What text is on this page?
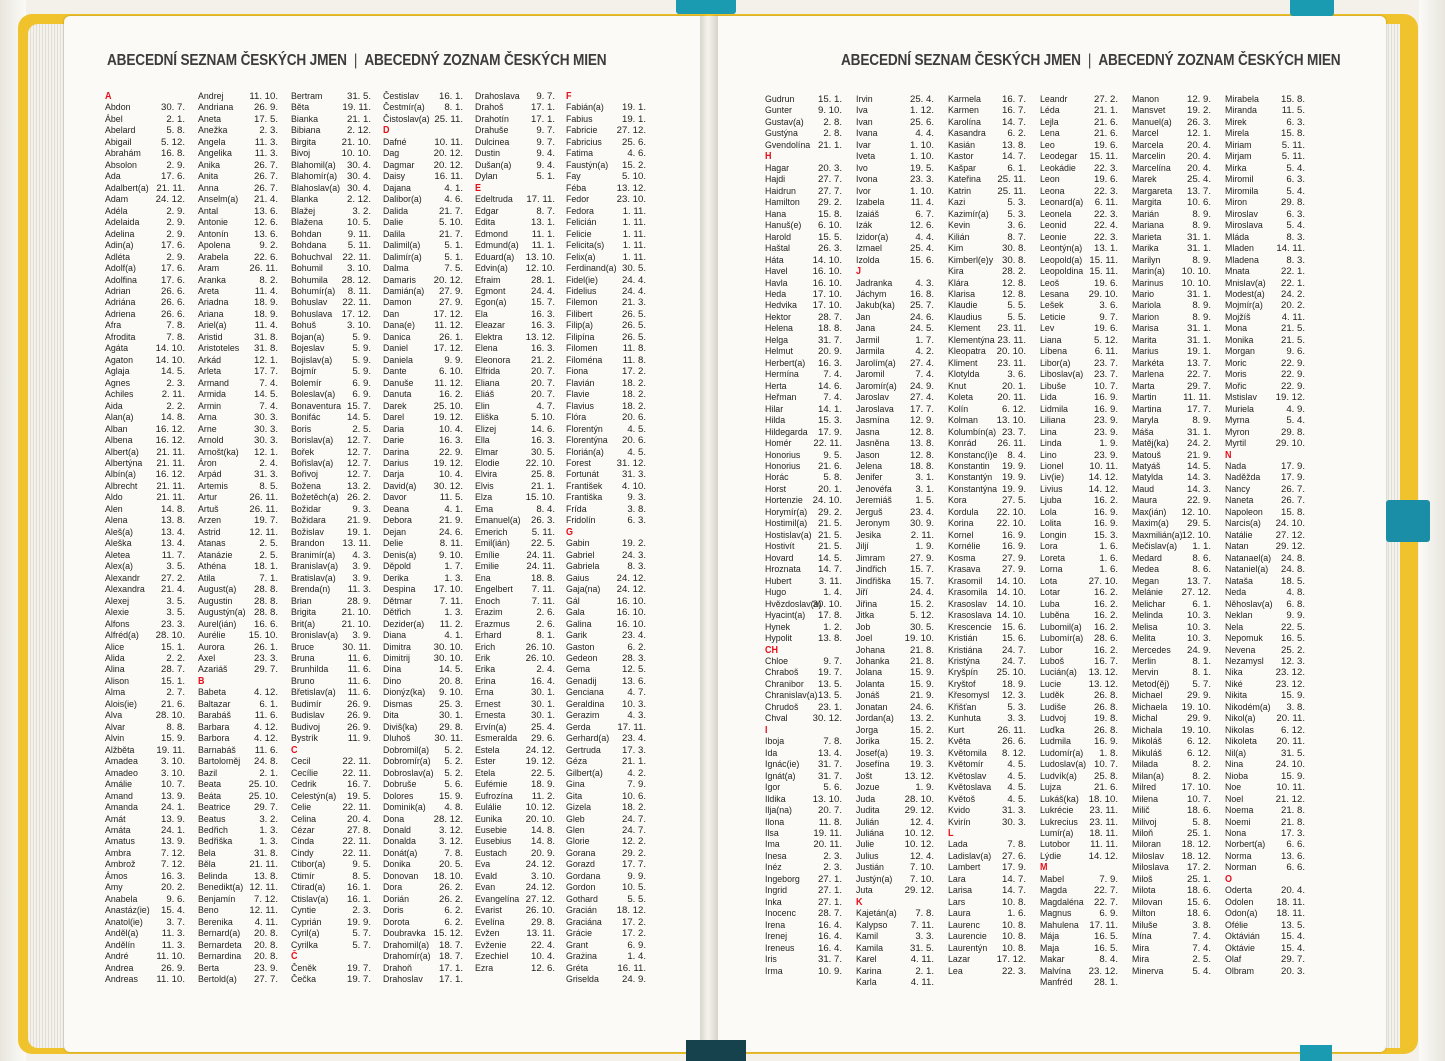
ABECEDNÍ SEZNAM ČESKÝCH JMEN | ABECEDNÝ ZOZNAM ČESKÝCH MIEN	ABECEDNÍ SEZNAM ČESKÝCH JMEN | ABECEDNÝ ZOZNAM ČESKÝCH MIEN
A
Abdon	30. 7.
Ábel	2. 1.
Abelard	5. 8.
Abigail	5. 12.
Abrahám 16. 8.
Absolon	2. 9.
Ada	17. 6.
Adalbert(a) 21. 11.
Adam	24. 12.
Adéla	2. 9.
Adelaida	2. 9.
Adelina	2. 9.
Adin(a)	17. 6.
Adléta	2. 9.
Adolf(a)	17. 6.
Adolfina	17. 6.
Adrian	26. 6.
Adriána	26. 6.
Adriena	26. 6.
Afra	7. 8.
Afrodita	7. 8.
Agáta	14. 10.
Agaton 14. 10.
Aglaja	14. 5.
Agnes	2. 3.
Achiles	2. 11.
Aida	2. 2.
Alan(a)	14. 8.
Alban	16. 12.
Albena 16. 12.
Albert(a) 21. 11.
Albertýna 21. 11.
Albín(a) 16. 12.
Albrecht 21. 11.
Aldo	21. 11.
Alen	14. 8.
Alena	13. 8.
Aleš(a)	13. 4.
Aleška	13. 4.
Aletea	11. 7.
Alex(a)	3. 5.
Alexandr 27. 2.
Alexandra 21. 4.
Alexej	3. 5.
Alexie	3. 5.
Alfons	23. 3.
Alfréd(a) 28. 10.
Alice	15. 1.
Alida	2. 2.
Alina	28. 7.
Alison	15. 1.
Alma	2. 7.
Alois(ie)	21. 6.
Alva	28. 10.
Alvar	8. 8.
Alvin	15. 9.
Alžběta 19. 11.
Amadea 3. 10.
Amadeo 3. 10.
Amálie	10. 7.
Amand	13. 9.
Amanda 24. 1.
Amát	13. 9.
Amáta	24. 1.
Amatus	13. 9.
Ambra	7. 12.
Ambrož	7. 12.
Ámos	16. 3.
Amy	20. 2.
Anabela	9. 6.
Anastáz(ie) 15. 4.
Anatol(ie) 3. 7.
Anděl(a) 11. 3.
Andělín	11. 3.
André	11. 10.
Andrea	26. 9.
Andreas 11. 10.
Andrej	11. 10.
Andriana 26. 9.
Aneta	17. 5.
Anežka	2. 3.
Angela	11. 3.
Angelika 11. 3.
Anika	26. 7.
Anita	26. 7.
Anna	26. 7.
Anselm(a) 21. 4.
Antal	13. 6.
Antonie	12. 6.
Antonín	13. 6.
Apolena	9. 2.
Arabela	22. 6.
Aram	26. 11.
Aranka	8. 2.
Areta	11. 4.
Ariadna	18. 9.
Ariana	18. 9.
Ariel(a)	11. 4.
Aristid	31. 8.
Aristoteles 31. 8.
Arkád	12. 1.
Arleta	17. 7.
Armand	7. 4.
Armida	14. 5.
Armin	7. 4.
Arna	30. 3.
Arne	30. 3.
Arnold	30. 3.
Arnošt(ka) 12. 1.
Áron	2. 4.
Arpád	31. 3.
Artemis	8. 5.
Artur	26. 11.
Artuš	26. 11.
Arzen	19. 7.
Astrid	12. 11.
Atanas	2. 5.
Atanázie	2. 5.
Athéna	18. 1.
Atila	7. 1.
August(a) 28. 8.
Augustin 28. 8.
Augustýn(a) 28. 8.
Aurel(ián) 16. 6.
Aurélie 15. 10.
Aurora	26. 1.
Axel	23. 3.
Azariáš	29. 7.
B
Babeta	4. 12.
Baltazar	6. 1.
Barabáš 11. 6.
Barbara	4. 12.
Barbora	4. 12.
Barnabáš 11. 6.
Bartoloměj 24. 8.
Bazil	2. 1.
Beata	25. 10.
Beáta	25. 10.
Beatrice 29. 7.
Beatus	3. 2.
Bedřich	1. 3.
Bedřiška	1. 3.
Bela	31. 8.
Běla	21. 11.
Belinda	13. 8.
Benedikt(a) 12. 11.
Benjamín 7. 12.
Beno	12. 11.
Berenika 4. 11.
Bernard(a) 20. 8.
Bernardeta 20. 8.
Bernardina 20. 8.
Berta	23. 9.
Bertold(a) 27. 7.
Bertram	31. 5.
Běta	19. 11.
Bianka	21. 1.
Bibiana	2. 12.
Birgita	21. 10.
Bivoj	10. 10.
Blahomil(a) 30. 4.
Blahomír(a) 30. 4.
Blahoslav(a) 30. 4.
Blanka	2. 12.
Blažej	3. 2.
Blažena	10. 5.
Bohdan	9. 11.
Bohdana 5. 11.
Bohuchval 22. 11.
Bohumil	3. 10.
Bohumila 28. 12.
Bohumír(a) 8. 11.
Bohuslav 22. 11.
Bohuslava 17. 12.
Bohuš	3. 10.
Bojan(a)	5. 9.
Bojeslav	5. 9.
Bojislav(a) 5. 9.
Bojmír	5. 9.
Bolemír	6. 9.
Boleslav(a) 6. 9.
Bonaventura 15. 7.
Bonifác	14. 5.
Boris	2. 5.
Borislav(a) 12. 7.
Bořek	12. 7.
Bořislav(a) 12. 7.
Bořivoj	12. 7.
Božena	13. 2.
Božetěch(a) 26. 2.
Božidar	9. 3.
Božidara 21. 9.
Božislav 19. 1.
Brandon 13. 11.
Branimír(a) 4. 3.
Branislav(a) 3. 9.
Bratislav(a) 3. 9.
Brenda(n) 11. 3.
Brian	28. 9.
Brigita	21. 10.
Brit(a)	21. 10.
Bronislav(a) 3. 9.
Bruce	30. 11.
Bruna	11. 6.
Brunhilda 11. 6.
Bruno	11. 6.
Břetislav(a) 11. 6.
Budimír	26. 9.
Budislav 26. 9.
Budivoj	26. 9.
Bystrík	11. 9.
C
Cecil	22. 11.
Cecílie	22. 11.
Cedrik	16. 7.
Celestýn(a) 19. 5.
Celie	22. 11.
Celina	20. 4.
Cézar	27. 8.
Cinda	22. 11.
Cindy	22. 11.
Ctibor(a)	9. 5.
Ctimír	8. 5.
Ctirad(a) 16. 1.
Ctislav(a) 16. 1.
Cyntie	2. 3.
Cyprián	19. 9.
Cyril(a)	5. 7.
Cyrilka	5. 7.
Č
Čeněk	19. 7.
Čečka	19. 7.
Čestislav 16. 1.
Čestmír(a) 8. 1.
Čistoslav(a) 25. 11.
D
Dafné	10. 11.
Dag	20. 12.
Dagmar 20. 12.
Daisy	16. 11.
Dajana	4. 1.
Dalibor(a) 4. 6.
Dalida	21. 7.
Dalie	5. 10.
Dalila	21. 7.
Dalimil(a)	5. 1.
Dalimír(a) 5. 1.
Dalma	7. 5.
Damaris 20. 12.
Damián(a) 27. 9.
Damon	27. 9.
Dan	17. 12.
Dana(e) 11. 12.
Danica	26. 1.
Daniel	17. 12.
Daniela	9. 9.
Dante	6. 10.
Danuše 11. 12.
Danuta	16. 2.
Darek	25. 10.
Darel	19. 12.
Daria	10. 4.
Darie	16. 3.
Darina	22. 9.
Darius	19. 12.
Darja	10. 4.
David(a) 30. 12.
Davor	11. 5.
Deana	4. 1.
Debora	21. 9.
Dejan	24. 6.
Delie	8. 11.
Denis(a) 9. 10.
Děpold	1. 7.
Derika	1. 3.
Despina 17. 10.
Dětmar	7. 11.
Dětřich	1. 3.
Dezider(a) 11. 2.
Diana	4. 1.
Dimitra 30. 10.
Dimitrij 30. 10.
Dina	14. 5.
Dino	20. 8.
Dionýz(ka) 9. 10.
Dismas	25. 3.
Dita	30. 1.
Diviš(ka) 29. 8.
Dluhoš 30. 11.
Dobromil(a) 5. 2.
Dobromír(a) 5. 2.
Dobroslav(a) 5. 2.
Dobruše	5. 6.
Dolores	15. 9.
Dominik(a) 4. 8.
Dona	28. 12.
Donald	3. 12.
Donalda 3. 12.
Donát(a)	7. 8.
Donika	20. 5.
Donovan 18. 10.
Dora	26. 2.
Dorián	26. 2.
Doris	6. 2.
Dorota	6. 2.
Doubravka 15. 12.
Drahomil(a) 18. 7.
Drahomír(a) 18. 7.
Drahoň	17. 1.
Drahoslav 17. 1.
Drahoslava 9. 7.
Drahoš	17. 1.
Drahotín 17. 1.
Drahuše	9. 7.
Dulcinea	9. 7.
Dustin	9. 4.
Dušan(a)	9. 4.
Dylan	5. 1.
E
Edeltruda 17. 11.
Edgar	8. 7.
Edita	13. 1.
Edmond 11. 1.
Edmund(a) 11. 1.
Eduard(a) 13. 10.
Edvin(a) 12. 10.
Efraim	28. 1.
Egmont	24. 4.
Egon(a)	15. 7.
Ela	16. 3.
Eleazar	16. 3.
Elektra 13. 12.
Elena	16. 3.
Eleonora 21. 2.
Elfrida	20. 7.
Eliana	20. 7.
Eliáš	20. 7.
Elin	4. 7.
Eliška	5. 10.
Elizej	14. 6.
Ella	16. 3.
Elmar	30. 5.
Elodie	22. 10.
Elvira	25. 8.
Elvis	21. 1.
Elza	15. 10.
Ema	8. 4.
Emanuel(a) 26. 3.
Emerich	5. 11.
Emil(ián) 22. 5.
Emílie	24. 11.
Emilie	24. 11.
Ena	18. 8.
Engelbert 7. 11.
Enoch	7. 11.
Erazim	2. 6.
Erazmus	2. 6.
Erhard	8. 1.
Erich	26. 10.
Erik	26. 10.
Erika	2. 4.
Erina	16. 4.
Erna	30. 1.
Ernest	30. 1.
Ernesta	30. 1.
Ervín(a)	25. 4.
Esmeralda 29. 6.
Estela	24. 12.
Ester	19. 12.
Etela	22. 5.
Eufémie 18. 9.
Eufrozína 11. 2.
Eulálie	10. 12.
Eunika 20. 10.
Eusebie	14. 8.
Eusebius 14. 8.
Eustach	20. 9.
Eva	24. 12.
Evald	3. 10.
Evan	24. 12.
Evangelína 27. 12.
Evarist 26. 10.
Evelína	29. 8.
Evžen	13. 11.
Evženie	22. 4.
Ezechiel 10. 4.
Ezra	12. 6.
F
Fabián(a) 19. 1.
Fabius	19. 1.
Fabricie 27. 12.
Fabricius 25. 6.
Fatima	4. 6.
Faustýn(a) 15. 2.
Fay	5. 10.
Féba	13. 12.
Fedor	23. 10.
Fedora	1. 11.
Felicián	1. 11.
Felicie	1. 11.
Felicita(s) 1. 11.
Felix(a)	1. 11.
Ferdinand(a) 30. 5.
Fidel(ie)	24. 4.
Fidelius	24. 4.
Filemon	21. 3.
Filibert	26. 5.
Filip(a)	26. 5.
Filipína	26. 5.
Filomen	11. 8.
Filoména 11. 8.
Fiona	17. 2.
Flavián	18. 2.
Flavie	18. 2.
Flavius	18. 2.
Flóra	20. 6.
Florentýn	4. 5.
Florentýna 20. 6.
Florián(a) 4. 5.
Forest	31. 12.
Fortunát 31. 3.
František 4. 10.
Františka	9. 3.
Frída	3. 8.
Fridolín	6. 3.
G
Gabin	19. 2.
Gabriel	24. 3.
Gabriela	8. 3.
Gaius	24. 12.
Gaja(na) 24. 12.
Gál	16. 10.
Gala	16. 10.
Galina	16. 10.
Garik	23. 4.
Gaston	6. 2.
Gedeon	28. 3.
Gema	12. 5.
Genadij	13. 6.
Genciana 4. 7.
Geraldina 10. 3.
Gerazim	4. 3.
Gerda	17. 11.
Gerhard(a) 23. 4.
Gertruda 17. 3.
Géza	21. 1.
Gilbert(a)	4. 2.
Gina	7. 9.
Gita	10. 6.
Gizela	18. 2.
Gleb	24. 7.
Glen	24. 7.
Glorie	12. 2.
Gorana	29. 2.
Gorazd	17. 7.
Gordana	9. 9.
Gordon	10. 5.
Gothard	5. 5.
Gracián 18. 12.
Graciána 17. 2.
Grácie	17. 2.
Grant	6. 9.
Grażina	1. 4.
Gréta	16. 11.
Griselda 24. 9.
Gudrun 15. 1.
Gunter	9. 10.
Gustav(a) 2. 8.
Gustýna	2. 8.
Gvendolína 21. 1.
H
Hagar	20. 3.
Hajdi	27. 7.
Haidrun 27. 7.
Hamilton 29. 2.
Hana	15. 8.
Hanuš(e) 6. 10.
Harold	15. 5.
Haštal	26. 3.
Háta	14. 10.
Havel	16. 10.
Havla	16. 10.
Heda	17. 10.
Hedvika 17. 10.
Hektor	28. 7.
Helena	18. 8.
Helga	31. 7.
Helmut	20. 9.
Herbert(a) 16. 3.
Hermína	7. 4.
Herta	14. 6.
Heřman	7. 4.
Hilar	14. 1.
Hilda	15. 3.
Hildegarda 17. 9.
Homér 22. 11.
Honorius 9. 5.
Honorius 21. 6.
Horác	5. 8.
Horst	20. 1.
Hortenzie 24. 10.
Horymír(a) 29. 2.
Hostimil(a) 21. 5.
Hostislav(a) 21. 5.
Hostivít 21. 5.
Hovard	14. 5.
Hroznata 14. 7.
Hubert	3. 11.
Hugo	1. 4.
Hvězdoslav(a)
30. 10.
Hyacint(a) 17. 8.
Hynek	1. 2.
Hypolit	13. 8.
CH
Chloe	9. 7.
Chraboš 19. 7.
Chranibor 13. 5.
Chranislav(a) 13. 5.
Chrudoš 23. 1.
Chval	30. 12.
I
Iboja	7. 8.
Ida	13. 4.
Ignác(ie) 31. 7.
Ignát(a) 31. 7.
Igor	5. 6.
Ildika	13. 10.
Ilja(na)	20. 7.
Ilona	11. 8.
Ilsa	19. 11.
Ima	20. 11.
Inesa	2. 3.
Inéz	2. 3.
Ingeborg 27. 1.
Ingrid	27. 1.
Inka	27. 1.
Inocenc 28. 7.
Irena	16. 4.
Irenej	16. 4.
Ireneus 16. 4.
Iris	31. 7.
Irma	10. 9.
Irvin	25. 4.
Iva	1. 12.
Ivan	25. 6.
Ivana	4. 4.
Ivar	1. 10.
Iveta	1. 10.
Ivo	19. 5.
Ivona	23. 3.
Ivor	1. 10.
Izabela	11. 4.
Izaiáš	6. 7.
Izák	12. 6.
Izidor(a)	4. 4.
Izmael	25. 4.
Izolda	15. 6.
J
Jadranka 4. 3.
Jáchym 16. 8.
Jakub(ka) 25. 7.
Jan	24. 6.
Jana	24. 5.
Jarmil	1. 7.
Jarmila	4. 2.
Jarolím(a) 27. 4.
Jaromil	7. 4.
Jaromír(a) 24. 9.
Jaroslav 27. 4.
Jaroslava 17. 7.
Jasmína 12. 9.
Jasna	12. 8.
Jasněna 13. 8.
Jason	12. 8.
Jelena	18. 8.
Jenifer	3. 1.
Jenovéfa 3. 1.
Jeremiáš 1. 5.
Jerguš	23. 4.
Jeronym 30. 9.
Jesika	2. 11.
Jiljí	1. 9.
Jimram	27. 9.
Jindřich 15. 7.
Jindřiška 15. 7.
Jiří	24. 4.
Jiřina	15. 2.
Jitka	5. 12.
Job	30. 5.
Joel	19. 10.
Johana	21. 8.
Johanka 21. 8.
Jolana	15. 9.
Jolanta	15. 9.
Jonáš	21. 9.
Jonatan 24. 6.
Jordan(a) 13. 2.
Jorga	15. 2.
Jorika	15. 2.
Josef(a) 19. 3.
Josefína 19. 3.
Jošt	13. 12.
Jozue	1. 9.
Juda	28. 10.
Judita	29. 12.
Julián	12. 4.
Juliána 10. 12.
Julie	10. 12.
Julius	12. 4.
Justián	7. 10.
Justýn(a) 7. 10.
Juta	29. 12.
K
Kajetán(a) 7. 8.
Kalypso 7. 11.
Kamil	3. 3.
Kamila	31. 5.
Karel	4. 11.
Karina	2. 1.
Karla	4. 11.
Karmela 16. 7.
Karmen 16. 7.
Karolína 14. 7.
Kasandra 6. 2.
Kasián	13. 8.
Kastor	14. 7.
Kašpar	6. 1.
Kateřina 25. 11.
Katrin	25. 11.
Kazi	5. 3.
Kazimír(a) 5. 3.
Kevin	3. 6.
Kilián	8. 7.
Kim	30. 8.
Kimberl(e)y 30. 8.
Kira	28. 2.
Klára	12. 8.
Klarisa	12. 8.
Klaudie	5. 5.
Klaudius	5. 5.
Klement 23. 11.
Klementýna 23. 11.
Kleopatra 20. 10.
Kliment 23. 11.
Klotylda	3. 6.
Knut	20. 1.
Koleta	20. 11.
Kolín	6. 12.
Kolman 13. 10.
Kolumbín(a) 23. 7.
Konrád 26. 11.
Konstanc(i)e 8. 4.
Konstantin 19. 9.
Konstantýn 19. 9.
Konstantýna 19. 9.
Kora	27. 5.
Kordula 22. 10.
Korina 22. 10.
Kornel	16. 9.
Kornélie 16. 9.
Kosma	27. 9.
Krasava 27. 9.
Krasomil 14. 10.
Krasomila 14. 10.
Krasoslav 14. 10.
Krasoslava 14. 10.
Krescencie 15. 6.
Kristián	15. 6.
Kristiána 24. 7.
Kristýna 24. 7.
Kryšpín 25. 10.
Kryštof	18. 9.
Křesomysl 12. 3.
Křišťan	5. 3.
Kunhuta	3. 3.
Kurt	26. 11.
Květa	26. 6.
Květomila 8. 12.
Květomír	4. 5.
Květoslav 4. 5.
Květoslava 4. 5.
Květoš	4. 5.
Kvido	31. 3.
Kvirín	30. 3.
L
Lada	7. 8.
Ladislav(a) 27. 6.
Lambert 17. 9.
Lara	14. 7.
Larisa	14. 7.
Lars	10. 8.
Laura	1. 6.
Laurenc 10. 8.
Laurencie 10. 8.
Laurentýn 10. 8.
Lazar	17. 12.
Lea	22. 3.
Leandr	27. 2.
Léda	21. 1.
Lejla	21. 6.
Lena	21. 6.
Leo	19. 6.
Leodegar 15. 11.
Leokádie 22. 3.
Leon	19. 6.
Leona	22. 3.
Leonard(a) 6. 11.
Leonela 22. 3.
Leonid	22. 4.
Leonie	22. 3.
Leontýn(a) 13. 1.
Leopold(a) 15. 11.
Leopoldina 15. 11.
Leoš	19. 6.
Lesana 29. 10.
Lešek	3. 6.
Leticie	9. 7.
Lev	19. 6.
Liana	5. 12.
Líbena	6. 11.
Libor(a) 23. 7.
Liboslav(a) 23. 7.
Libuše	10. 7.
Lida	16. 9.
Lidmila	16. 9.
Liliana	23. 9.
Lina	23. 9.
Linda	1. 9.
Lino	23. 9.
Lionel	10. 11.
Liv(ie)	14. 12.
Livius	14. 12.
Ljuba	16. 2.
Lola	16. 9.
Lolita	16. 9.
Longin	15. 3.
Lora	1. 6.
Loreta	1. 6.
Lorna	1. 6.
Lota	27. 10.
Lotar	16. 2.
Luba	16. 2.
Luběna	16. 2.
Lubomil(a) 16. 2.
Lubomír(a) 28. 6.
Lubor	16. 2.
Luboš	16. 7.
Lucián(a) 13. 12.
Lucie	13. 12.
Luděk	26. 8.
Ludiše	26. 8.
Ludvoj	19. 8.
Luďka	26. 8.
Ludmila 16. 9.
Ludomír(a) 1. 8.
Ludoslav(a) 10. 7.
Ludvík(a) 25. 8.
Lujza	21. 6.
Lukáš(ka) 18. 10.
Lukrécie 23. 11.
Lukrecius 23. 11.
Lumír(a) 18. 11.
Lutobor 11. 11.
Lýdie	14. 12.
M
Mabel	7. 9.
Magda	22. 7.
Magdaléna 22. 7.
Magnus	6. 9.
Mahulena 17. 11.
Mája	16. 5.
Maja	16. 5.
Makar	8. 4.
Malvína 23. 12.
Manfréd 28. 1.
Manon	12. 9.
Mansvet 19. 2.
Manuel(a) 26. 3.
Marcel	12. 1.
Marcela 20. 4.
Marcelin 20. 4.
Marcelína 20. 4.
Marek	25. 4.
Margareta 13. 7.
Margita	10. 6.
Marián	8. 9.
Mariana	8. 9.
Marieta	31. 1.
Marika	31. 1.
Marilyn	8. 9.
Marin(a) 10. 10.
Marinus 10. 10.
Mario	31. 1.
Mariola	8. 9.
Marion	8. 9.
Marisa	31. 1.
Marita	31. 1.
Marius	19. 1.
Markéta 13. 7.
Marlena 22. 7.
Marta	29. 7.
Martin	11. 11.
Martina	17. 7.
Maryla	8. 9.
Máša	31. 1.
Matěj(ka) 24. 2.
Matouš	21. 9.
Matyáš	14. 5.
Matylda	14. 3.
Maud	14. 3.
Maura	22. 9.
Max(ián) 12. 10.
Maxim(a) 29. 5.
Maxmilián(a) 12. 10.
Mečislav(a) 1. 1.
Medard	8. 6.
Medea	8. 6.
Megan	13. 7.
Melánie 27. 12.
Melichar	6. 1.
Melinda	10. 3.
Melisa	10. 3.
Melita	10. 3.
Mercedes 24. 9.
Merlin	8. 1.
Mervin	8. 1.
Metod(ěj) 5. 7.
Michael	29. 9.
Michaela 19. 10.
Michal	29. 9.
Michala 19. 10.
Mikoláš	6. 12.
Mikuláš	6. 12.
Milada	8. 2.
Milan(a)	8. 2.
Milred	17. 10.
Milena	10. 7.
Milič	18. 6.
Milivoj	5. 8.
Miloň	25. 1.
Miloran 18. 12.
Miloslav 18. 12.
Miloslava 17. 2.
Miloš	25. 1.
Milota	18. 6.
Milovan	15. 6.
Milton	18. 6.
Miluše	3. 8.
Mína	7. 4.
Mira	7. 4.
Mira	2. 5.
Minerva	5. 4.
Mirabela 15. 8.
Miranda	11. 5.
Mirek	6. 3.
Mirela	15. 8.
Miriam	5. 11.
Mirjam	5. 11.
Mirka	5. 4.
Miromil	6. 3.
Miromila	5. 4.
Miron	29. 8.
Miroslav	6. 3.
Miroslava 5. 4.
Mláda	8. 3.
Mladen 14. 11.
Mladena	8. 3.
Mnata	22. 1.
Mnislav(a) 22. 1.
Modest(a) 24. 2.
Mojmír(a) 20. 2.
Mojžíš	4. 11.
Mona	21. 5.
Monika	21. 5.
Morgan	9. 6.
Moric	22. 9.
Moris	22. 9.
Mořic	22. 9.
Mstislav 19. 12.
Muriela	4. 9.
Myrna	5. 4.
Myron	29. 8.
Myrtil	29. 10.
N
Nada	17. 9.
Naděžda 17. 9.
Nancy	26. 7.
Naneta	26. 7.
Napoleon 15. 8.
Narcis(a) 24. 10.
Natálie 27. 12.
Natan	29. 12.
Natanael(a) 24. 8.
Nataniel(a) 24. 8.
Nataša	18. 5.
Neda	4. 8.
Něhoslav(a) 6. 8.
Neklan	9. 9.
Nela	22. 5.
Nepomuk 16. 5.
Nevena	25. 2.
Nezamysl 12. 3.
Nika	23. 12.
Niké	23. 12.
Nikita	15. 9.
Nikodém(a) 3. 8.
Nikol(a) 20. 11.
Nikolas	6. 12.
Nikoleta 20. 11.
Nil(a)	31. 5.
Nina	24. 10.
Nioba	15. 9.
Noe	10. 11.
Noel	21. 12.
Noema	21. 8.
Noemi	21. 8.
Nona	17. 3.
Norbert(a) 6. 6.
Norma	13. 6.
Norman	6. 6.
O
Oderta	20. 4.
Odolen 18. 11.
Odon(a) 18. 11.
Ofélie	13. 5.
Oktávián 15. 4.
Oktávie	15. 4.
Olaf	29. 7.
Olbram	20. 3.
